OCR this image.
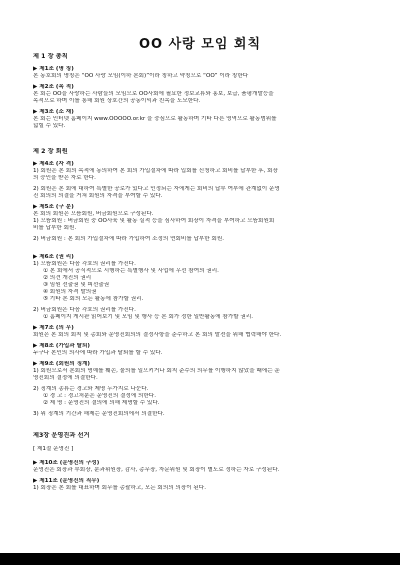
OO 사랑 모임 회칙
제 1 장 총칙
▶ 제1조 (명 칭)
본 동호회의 명칭은 “OO 사랑 모임(이하 본회)”이라 칭하고 약칭으로 “OO” 이라 칭한다
▶ 제2조 (목 적)
본 회는 OO을 사랑하는 사람들의 모임으로 OO사회에 필요한 정보교류와 홍보, 보급, 품평개발등을
목적으로 하며 이를 통해 회원 상호간의 공동이익과 친목을 도모한다.
▶ 제3조 (소 재)
본 회는 인터넷 홈페이지 www.OOOOO.or.kr 을 중심으로 활동하며 기타 다른 영역으로 활동범위를
넓힐 수 있다.
제 2 장 회원
▶ 제4조 (자 격)
1) 회원은 본 회의 목적에 동의하여 본 회의 가입절차에 따라 입회를 신청하고 회비를 납부한 후, 회장
의 승인을 받은 자로 한다.
2) 회원은 본 회에 대하여 특별한 공로가 있다고 인정되는 자에게는 회비의 납부 여부에 관계없이 운영
진 회의의 의결을 거쳐 회원의 자격을 부여할 수 있다.
▶ 제5조 (구 분)
본 회의 회원은 으뜸회원, 버금회원으로 구성된다.
1) 으뜸회원 : 버금회원 중 OO사육 및 활동 실적 등을 심사하여 회장이 자격을 부여하고 으뜸회원회
비를 납부한 회원.
2) 버금회원 : 본 회의 가입절차에 따라 가입하여 소정의 연회비를 납부한 회원.
▶ 제6조 (권 리)
1) 으뜸회원은 다음 각호의 권리를 가진다.
① 본 회에서 공식적으로 시행하는 특별행사 및 사업에 우선 참여의 권리.
② 의견 개진의 권리
③ 임원 선출권 및 피선출권
④ 회원의 자격 발의권
⑤ 기타 본 회의 모든 활동에 참가할 권리.
2) 버금회원은 다음 각호의 권리를 가진다.
① 홈페이지 게시판 읽어보기 및 모임 및 행사 등 본 회가 정한 일반활동에 참가할 권리.
▶ 제7조 (의 무)
회원은 본 회의 회칙 및 총회와 운영진회의의 결정사항을 준수하고 본 회의 발전을 위해 협력해야 한다.
▶ 제8조 (가입과 탈퇴)
누구나 본인의 의사에 따라 가입과 탈퇴를 할 수 있다.
▶ 제9조 (회원의 징계)
1) 회원으로서 본회의 명예를 훼손, 물의를 일으키거나 회칙 준수의 의무를 이행하지 않았을 때에는 운
영진회의 결정에 의결한다.
2) 징계의 종류는 경고와 제명 두가지로 나눈다.
① 경 고 : 경고처분은 운영진의 결정에 의한다.
② 제 명 : 운영진의 결의에 의해 제명할 수 있다.
3) 위 징계의 기간과 해제는 운영진회의에서 의결한다.
제3장 운영진과 선거
[ 제1절 운영진 ]
▶ 제10조 (운영진의 구성)
운영진은 회장과 부회장, 분과위원장, 감사, 총무장, 자문위원 및 회장이 별도로 정하는 자로 구성된다.
▶ 제11조 (운영진의 직무)
1) 회장은 본 회를 대표하며 회무를 총괄하고, 모든 회의의 의장이 된다.
